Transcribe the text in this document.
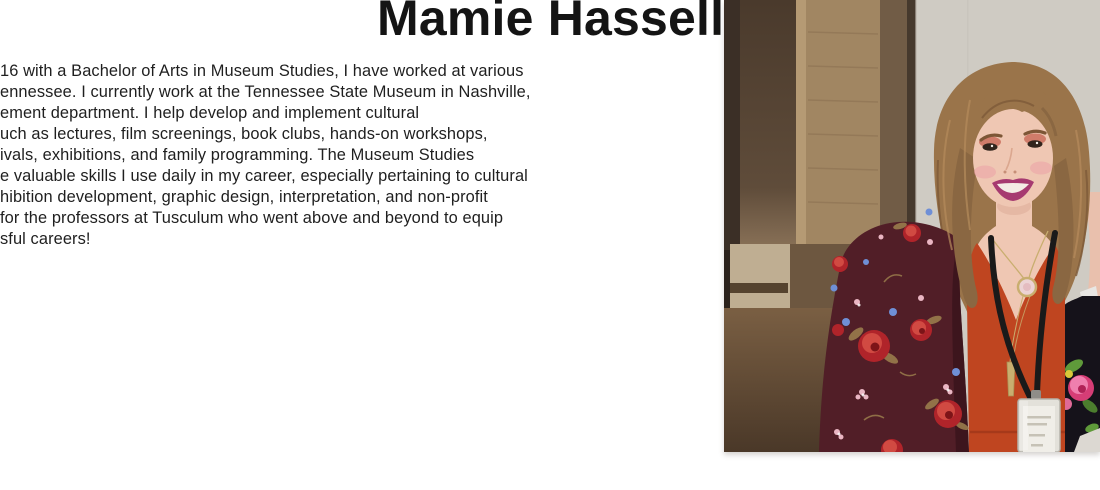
Mamie Hassell
16 with a Bachelor of Arts in Museum Studies, I have worked at various
ennessee. I currently work at the Tennessee State Museum in Nashville,
ement department. I help develop and implement cultural
uch as lectures, film screenings, book clubs, hands-on workshops,
ivals, exhibitions, and family programming. The Museum Studies
e valuable skills I use daily in my career, especially pertaining to cultural
hibition development, graphic design, interpretation, and non-profit
for the professors at Tusculum who went above and beyond to equip
sful careers!
